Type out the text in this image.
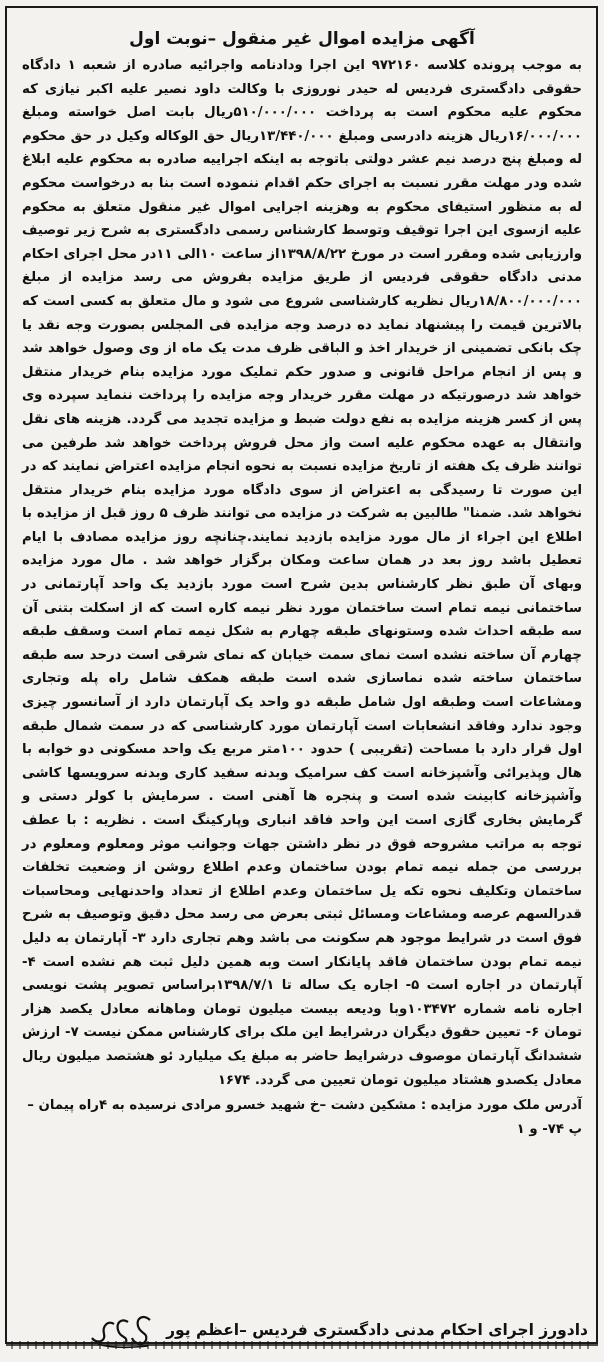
آگهی مزایده اموال غیر منقول –نوبت اول

به موجب پرونده کلاسه ۹۷۲۱۶۰ این اجرا ودادنامه واجرائیه صادره از شعبه ۱ دادگاه حقوقی دادگستری فردیس له حیدر نوروزی با وکالت داود نصیر علیه اکبر نیازی که محکوم علیه محکوم است به پرداخت ۵۱۰/۰۰۰/۰۰۰ریال بابت اصل خواسته ومبلغ ۱۶/۰۰۰/۰۰۰ریال هزینه دادرسی ومبلغ ۱۳/۴۴۰/۰۰۰ریال حق الوکاله وکیل در حق محکوم له ومبلغ پنج درصد نیم عشر دولتی باتوجه به اینکه اجراییه صادره به محکوم علیه ابلاغ شده ودر مهلت مقرر نسبت به اجرای حکم اقدام ننموده است بنا به درخواست محکوم له به منظور استیفای محکوم به وهزینه اجرایی اموال غیر منقول متعلق به محکوم علیه ازسوی این اجرا توقیف وتوسط کارشناس رسمی دادگستری به شرح زیر توصیف وارزیابی شده ومقرر است در مورخ ۱۳۹۸/۸/۲۲از ساعت ۱۰الی ۱۱در محل اجرای احکام مدنی دادگاه حقوقی فردیس از طریق مزایده بفروش می رسد مزایده از مبلغ ۱۸/۸۰۰/۰۰۰/۰۰۰ریال نظریه کارشناسی شروع می شود و مال متعلق به کسی است که بالاترین قیمت را پیشنهاد نماید ده درصد وجه مزایده فی المجلس بصورت وجه نقد یا چک بانکی تضمینی از خریدار اخذ و الباقی ظرف مدت یک ماه از وی وصول خواهد شد و پس از انجام مراحل قانونی و صدور حکم تملیک مورد مزایده بنام خریدار منتقل خواهد شد درصورتیکه در مهلت مقرر خریدار وجه مزایده را پرداخت ننماید سپرده وی پس از کسر هزینه مزایده به نفع دولت ضبط و مزایده تجدید می گردد. هزینه های نقل وانتقال به عهده محکوم علیه است واز محل فروش پرداخت خواهد شد طرفین می توانند ظرف یک هفته از تاریخ مزایده نسبت به نحوه انجام مزایده اعتراض نمایند که در این صورت تا رسیدگی به اعتراض از سوی دادگاه مورد مزایده بنام خریدار منتقل نخواهد شد. ضمنا" طالبین به شرکت در مزایده می توانند ظرف ۵ روز قبل از مزایده با اطلاع این اجراء از مال مورد مزایده بازدید نمایند.چنانچه روز مزایده مصادف با ایام تعطیل باشد روز بعد در همان ساعت ومکان برگزار خواهد شد . مال مورد مزایده وبهای آن طبق نظر کارشناس بدین شرح است مورد بازدید یک واحد آپارتمانی در ساختمانی نیمه تمام است ساختمان مورد نظر نیمه کاره است که از اسکلت بتنی آن سه طبقه احداث شده وستونهای طبقه چهارم به شکل نیمه تمام است وسقف طبقه چهارم آن ساخته نشده است نمای سمت خیابان که نمای شرقی است درحد سه طبقه ساختمان ساخته شده نماسازی شده است طبقه همکف شامل راه پله وتجاری ومشاعات است وطبقه اول شامل طبقه دو واحد یک آپارتمان دارد از آسانسور چیزی وجود ندارد وفاقد انشعابات است آپارتمان مورد کارشناسی که در سمت شمال طبقه اول قرار دارد با مساحت (تقریبی ) حدود ۱۰۰متر مربع یک واحد مسکونی دو خوابه با هال وپذیرائی وآشپزخانه است کف سرامیک وبدنه سفید کاری وبدنه سرویسها کاشی وآشپزخانه کابینت شده است و پنجره ها آهنی است . سرمایش با کولر دستی و گرمایش بخاری گازی است این واحد فاقد انباری وپارکینگ است . نظریه : با عطف توجه به مراتب مشروحه فوق در نظر داشتن جهات وجوانب موثر ومعلوم ومعلوم در بررسی من جمله نیمه تمام بودن ساختمان وعدم اطلاع روشن از وضعیت تخلفات ساختمان وتکلیف نحوه تکه یل ساختمان وعدم اطلاع از تعداد واحدنهایی ومحاسبات قدرالسهم عرصه ومشاعات ومسائل ثبتی بعرض می رسد محل دقیق وتوصیف به شرح فوق است در شرایط موجود هم سکونت می باشد وهم تجاری دارد ۳- آپارتمان به دلیل نیمه تمام بودن ساختمان فاقد پایانکار است وبه همین دلیل ثبت هم نشده است ۴- آپارتمان در اجاره است ۵- اجاره یک ساله تا ۱۳۹۸/۷/۱براساس تصویر پشت نویسی اجاره نامه شماره ۱۰۳۴۷۲وبا ودیعه بیست میلیون تومان وماهانه معادل یکصد هزار تومان ۶- تعیین حقوق دیگران درشرایط این ملک برای کارشناس ممکن نیست ۷- ارزش ششدانگ آپارتمان موصوف درشرایط حاضر به مبلغ یک میلیارد ئو هشتصد میلیون ریال معادل یکصدو هشتاد میلیون تومان تعیین می گردد. ۱۶۷۴

آدرس ملک مورد مزایده : مشکین دشت –خ شهید خسرو مرادی نرسیده به ۴راه پیمان –پ ۷۴- و ۱

دادورز اجرای احکام مدنی دادگستری فردیس –اعظم پور
